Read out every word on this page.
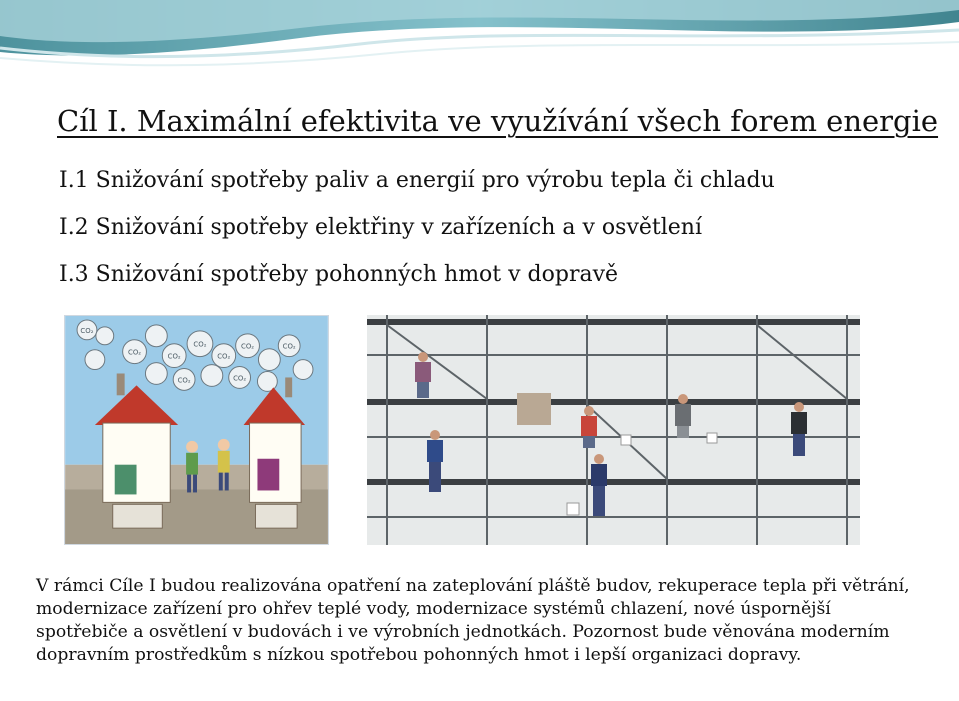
Cíl I. Maximální efektivita ve využívání všech forem energie

I.1 Snižování spotřeby paliv a energií pro výrobu tepla či chladu

I.2 Snižování spotřeby elektřiny v zařízeních a v osvětlení

I.3 Snižování spotřeby pohonných hmot v dopravě

CO₂
CO₂	CO₂
CO₂
CO₂
CO₂
CO₂	CO₂
CO₂

V rámci Cíle I budou realizována opatření na zateplování pláště budov, rekuperace tepla při větrání, modernizace zařízení pro ohřev teplé vody, modernizace systémů chlazení, nové úspornější spotřebiče a osvětlení v budovách i ve výrobních jednotkách. Pozornost bude věnována moderním dopravním prostředkům s nízkou spotřebou pohonných hmot i lepší organizaci dopravy.
